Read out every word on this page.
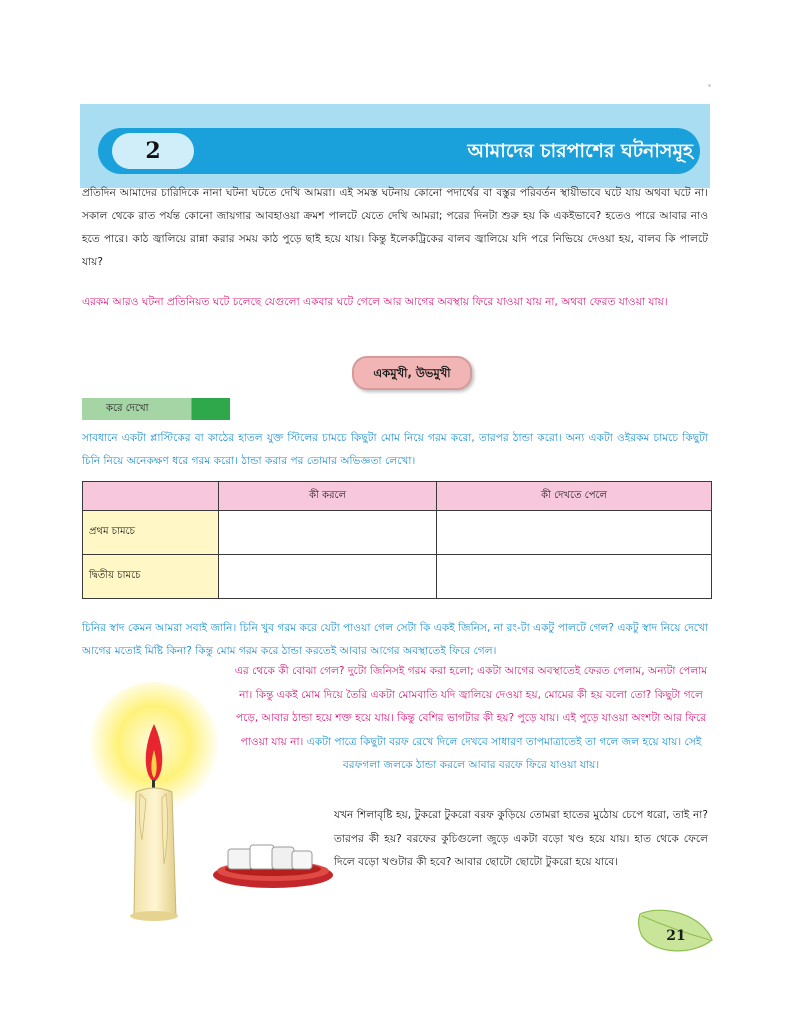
2	আমাদের চারপাশের ঘটনাসমূহ
প্রতিদিন আমাদের চারিদিকে নানা ঘটনা ঘটতে দেখি আমরা। এই সমস্ত ঘটনায় কোনো পদার্থের বা বস্তুর পরিবর্তন স্থায়ীভাবে ঘটে যায় অথবা ঘটে না। সকাল থেকে রাত পর্যন্ত কোনো জায়গার আবহাওয়া ক্রমশ পালটে যেতে দেখি আমরা; পরের দিনটা শুরু হয় কি একইভাবে? হতেও পারে আবার নাও হতে পারে। কাঠ জ্বালিয়ে রান্না করার সময় কাঠ পুড়ে ছাই হয়ে যায়। কিন্তু ইলেকট্রিকের বালব জ্বালিয়ে যদি পরে নিভিয়ে দেওয়া হয়, বালব কি পালটে যায়?
এরকম আরও ঘটনা প্রতিনিয়ত ঘটে চলেছে যেগুলো একবার ঘটে গেলে আর আগের অবস্থায় ফিরে যাওয়া যায় না, অথবা ফেরত যাওয়া যায়।
একমুখী, উভমুখী
করে দেখো
সাবধানে একটা প্লাস্টিকের বা কাঠের হাতল যুক্ত স্টিলের চামচে কিছুটা মোম নিয়ে গরম করো, তারপর ঠান্ডা করো। অন্য একটা ওইরকম চামচে কিছুটা চিনি নিয়ে অনেকক্ষণ ধরে গরম করো। ঠান্ডা করার পর তোমার অভিজ্ঞতা লেখো।
	কী করলে	কী দেখতে পেলে
প্রথম চামচে		
দ্বিতীয় চামচে		
চিনির স্বাদ কেমন আমরা সবাই জানি। চিনি খুব গরম করে যেটা পাওয়া গেল সেটা কি একই জিনিস, না রং-টা একটু পালটে গেল? একটু স্বাদ নিয়ে দেখো আগের মতোই মিষ্টি কিনা? কিন্তু মোম গরম করে ঠান্ডা করতেই আবার আগের অবস্থাতেই ফিরে গেল।
এর থেকে কী বোঝা গেল? দুটো জিনিসই গরম করা হলো; একটা আগের অবস্থাতেই ফেরত পেলাম, অন্যটা পেলাম না। কিন্তু একই মোম দিয়ে তৈরি একটা মোমবাতি যদি জ্বালিয়ে দেওয়া হয়, মোমের কী হয় বলো তো? কিছুটা গলে পড়ে, আবার ঠান্ডা হয়ে শক্ত হয়ে যায়। কিন্তু বেশির ভাগটার কী হয়? পুড়ে যায়। এই পুড়ে যাওয়া অংশটা আর ফিরে পাওয়া যায় না। একটা পাত্রে কিছুটা বরফ রেখে দিলে দেখবে সাধারণ তাপমাত্রাতেই তা গলে জল হয়ে যায়। সেই বরফগলা জলকে ঠান্ডা করলে আবার বরফে ফিরে যাওয়া যায়।
যখন শিলাবৃষ্টি হয়, টুকরো টুকরো বরফ কুড়িয়ে তোমরা হাতের মুঠোয় চেপে ধরো, তাই না? তারপর কী হয়? বরফের কুচিগুলো জুড়ে একটা বড়ো খণ্ড হয়ে যায়। হাত থেকে ফেলে দিলে বড়ো খণ্ডটার কী হবে? আবার ছোটো ছোটো টুকরো হয়ে যাবে।
21
